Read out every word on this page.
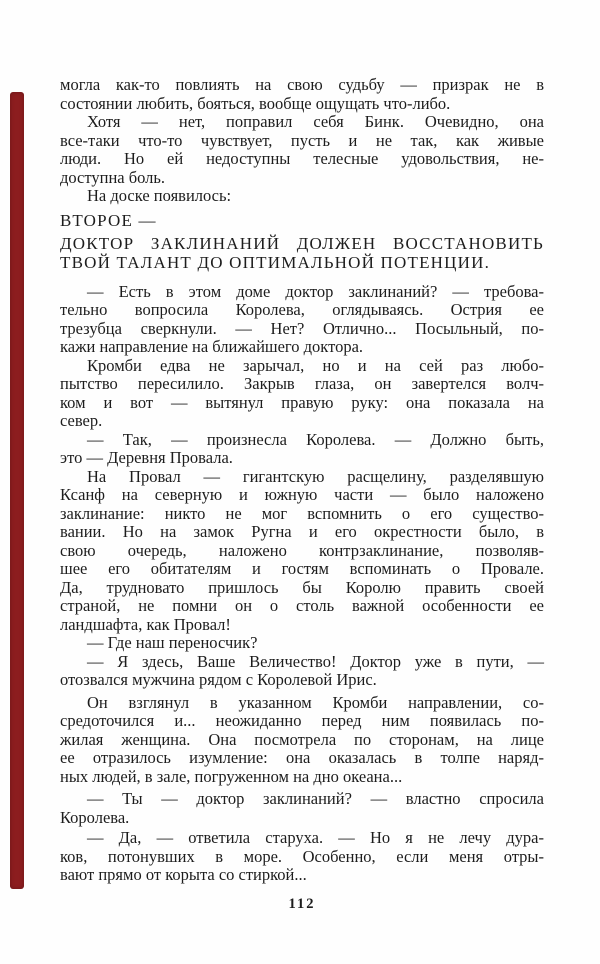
могла как-то повлиять на свою судьбу — призрак не в
состоянии любить, бояться, вообще ощущать что-либо.
Хотя — нет, поправил себя Бинк. Очевидно, она
все-таки что-то чувствует, пусть и не так, как живые
люди. Но ей недоступны телесные удовольствия, не-
доступна боль.
На доске появилось:
ВТОРОЕ —
ДОКТОР ЗАКЛИНАНИЙ ДОЛЖЕН ВОССТАНОВИТЬ
ТВОЙ ТАЛАНТ ДО ОПТИМАЛЬНОЙ ПОТЕНЦИИ.
— Есть в этом доме доктор заклинаний? — требова-
тельно вопросила Королева, оглядываясь. Острия ее
трезубца сверкнули. — Нет? Отлично... Посыльный, по-
кажи направление на ближайшего доктора.
Кромби едва не зарычал, но и на сей раз любо-
пытство пересилило. Закрыв глаза, он завертелся волч-
ком и вот — вытянул правую руку: она показала на
север.
— Так, — произнесла Королева. — Должно быть,
это — Деревня Провала.
На Провал — гигантскую расщелину, разделявшую
Ксанф на северную и южную части — было наложено
заклинание: никто не мог вспомнить о его существо-
вании. Но на замок Ругна и его окрестности было, в
свою очередь, наложено контрзаклинание, позволяв-
шее его обитателям и гостям вспоминать о Провале.
Да, трудновато пришлось бы Королю править своей
страной, не помни он о столь важной особенности ее
ландшафта, как Провал!
— Где наш переносчик?
— Я здесь, Ваше Величество! Доктор уже в пути, —
отозвался мужчина рядом с Королевой Ирис.
Он взглянул в указанном Кромби направлении, со-
средоточился и... неожиданно перед ним появилась по-
жилая женщина. Она посмотрела по сторонам, на лице
ее отразилось изумление: она оказалась в толпе наряд-
ных людей, в зале, погруженном на дно океана...
— Ты — доктор заклинаний? — властно спросила
Королева.
— Да, — ответила старуха. — Но я не лечу дура-
ков, потонувших в море. Особенно, если меня отры-
вают прямо от корыта со стиркой...
112
